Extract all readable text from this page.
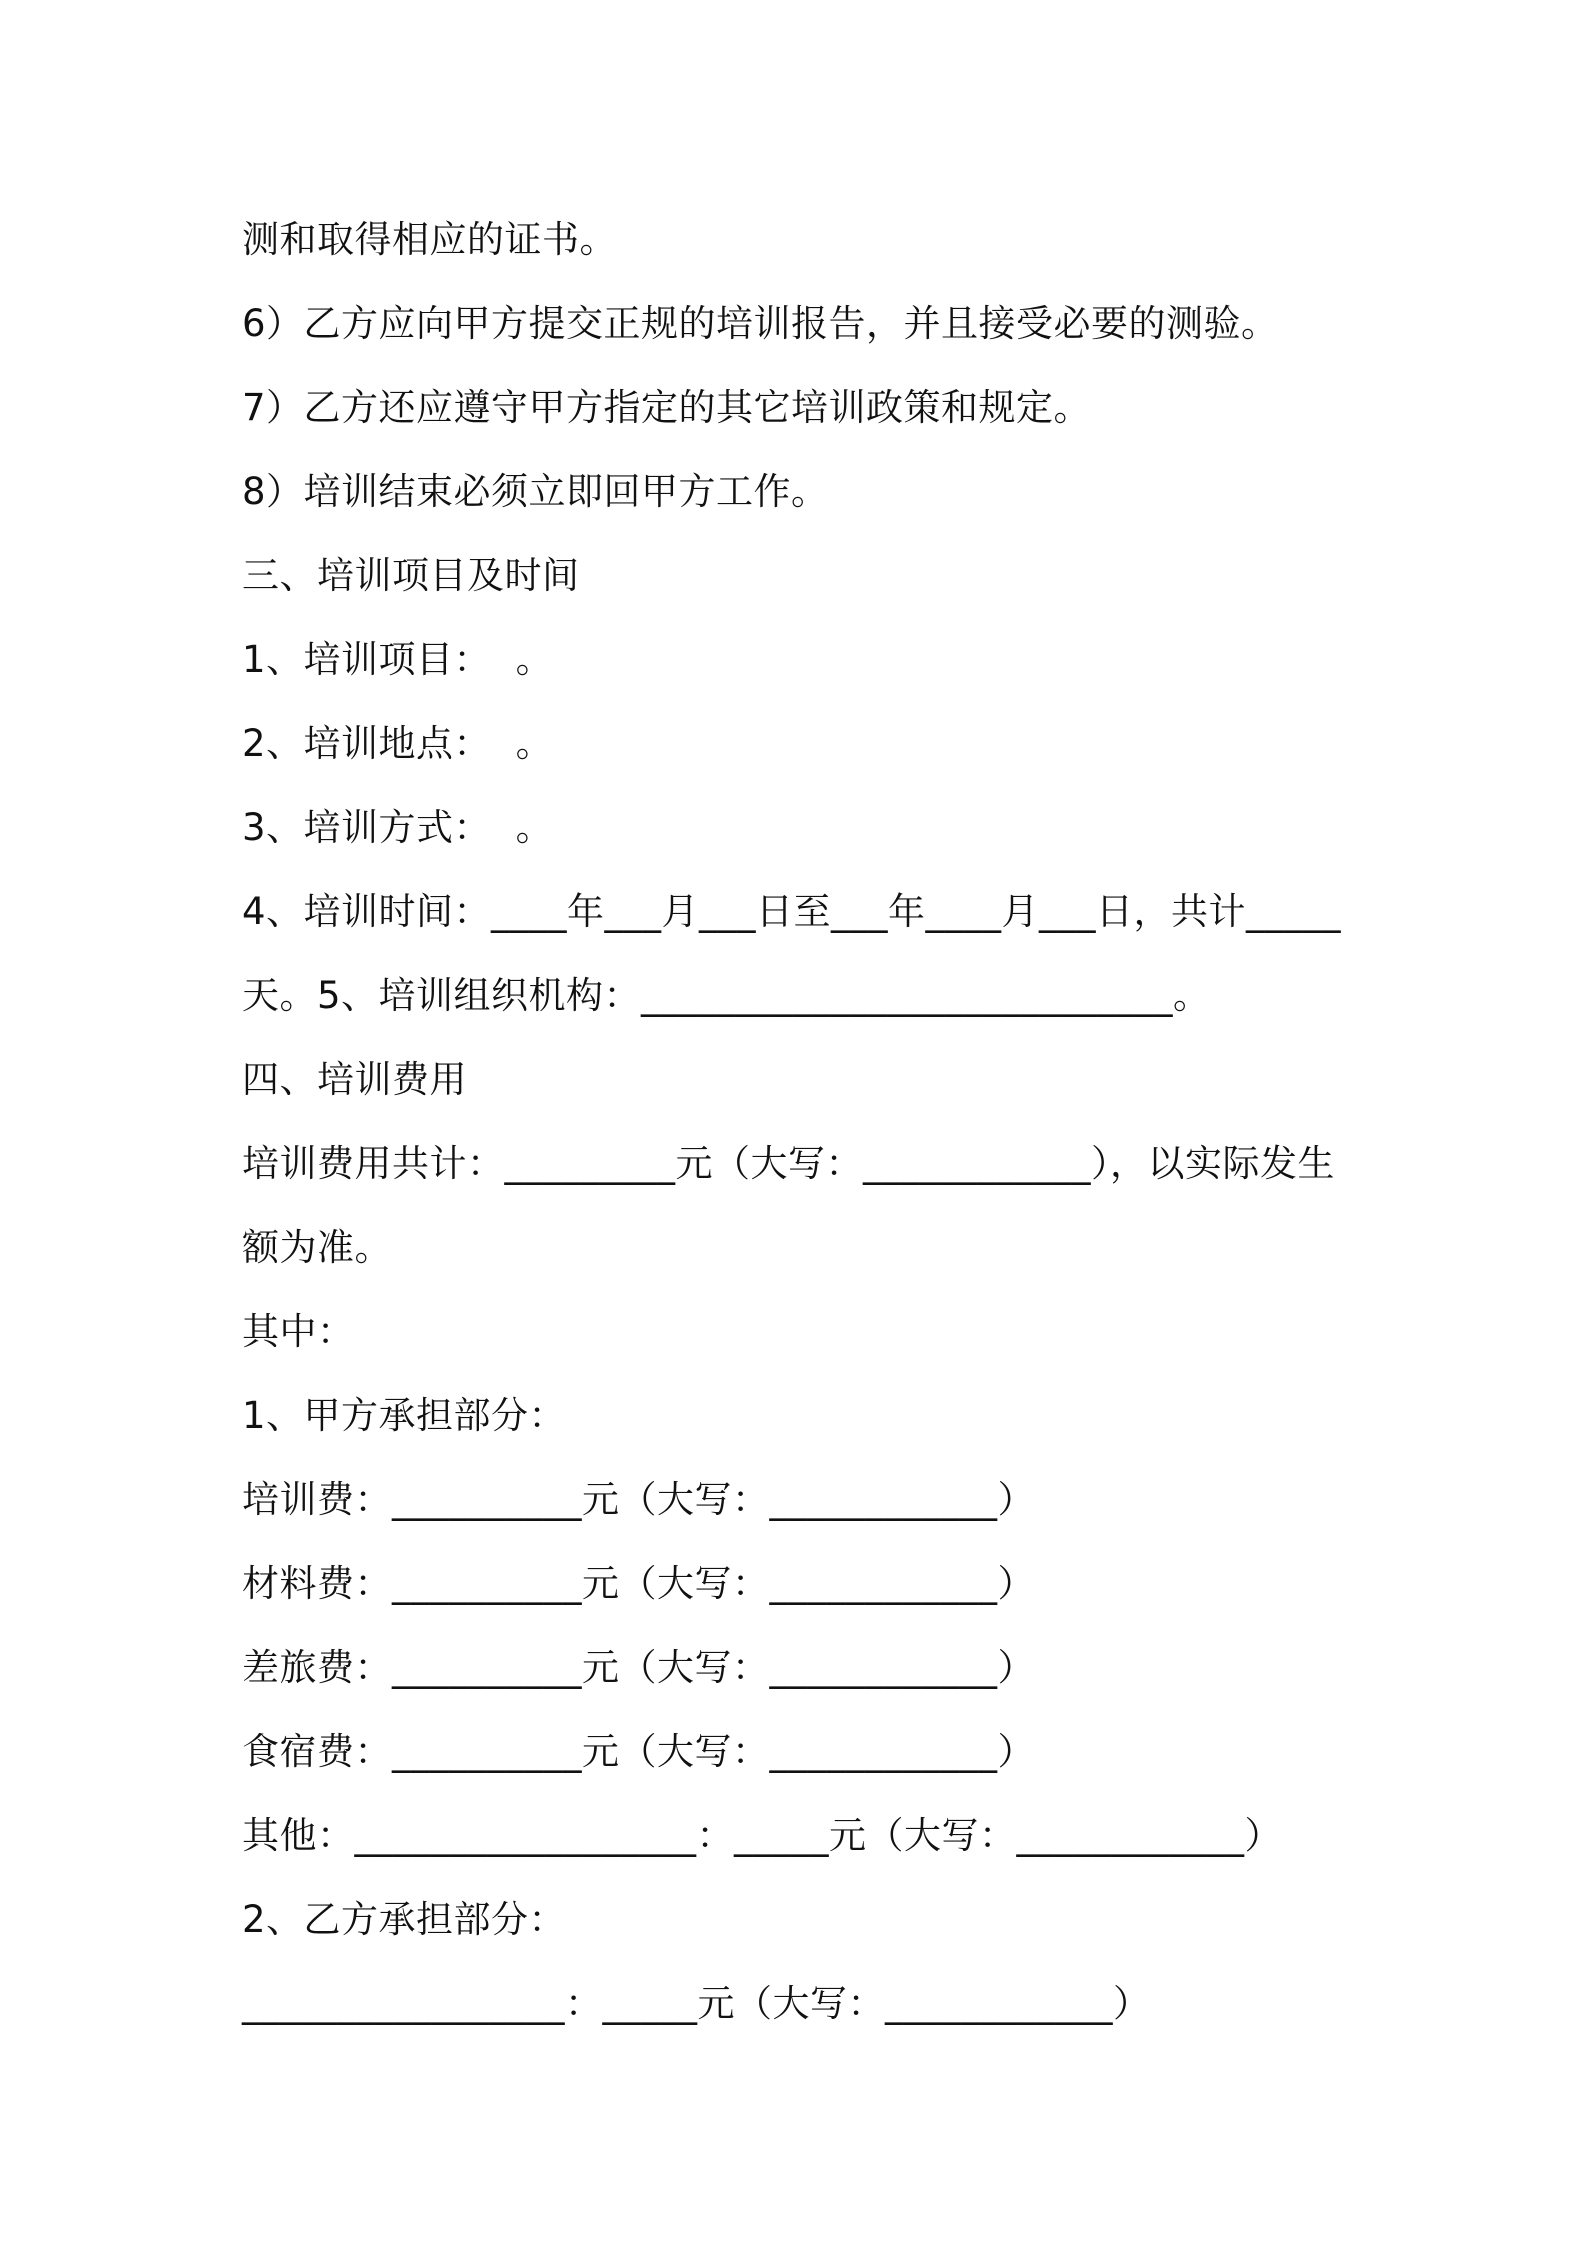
测和取得相应的证书。
6）乙方应向甲方提交正规的培训报告，并且接受必要的测验。
7）乙方还应遵守甲方指定的其它培训政策和规定。
8）培训结束必须立即回甲方工作。
三、培训项目及时间
1、培训项目：  。
2、培训地点：  。
3、培训方式：  。
4、培训时间：____年___月___日至___年____月___日，共计_____
天。5、培训组织机构：____________________________。
四、培训费用
培训费用共计：_________元（大写：____________），以实际发生
额为准。
其中：
1、甲方承担部分：
培训费：__________元（大写：____________）
材料费：__________元（大写：____________）
差旅费：__________元（大写：____________）
食宿费：__________元（大写：____________）
其他：__________________：_____元（大写：____________）
2、乙方承担部分：
_________________：_____元（大写：____________）
